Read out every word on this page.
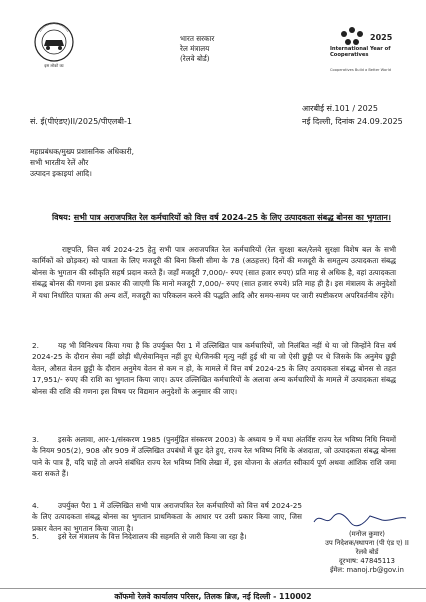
इस लोको का
भारत सरकार
रेल मंत्रालय
(रेलवे बोर्ड)
2025
International Year of Cooperatives
Cooperatives Build a Better World
आरबीई सं.101 / 2025
सं. ई(पीएंडए)II/2025/पीएलबी-1	नई दिल्ली, दिनांक 24.09.2025
महाप्रबंधक/मुख्य प्रशासनिक अधिकारी,
सभी भारतीय रेलें और
उत्पादन इकाइयां आदि।
विषय: सभी पात्र अराजपत्रित रेल कर्मचारियों को वित्त वर्ष 2024-25 के लिए उत्पादकता संबद्ध बोनस का भुगतान।
राष्ट्रपति, वित्त वर्ष 2024-25 हेतु सभी पात्र अराजपत्रित रेल कर्मचारियों (रेल सुरक्षा बल/रेलवे सुरक्षा विशेष बल के सभी कार्मिकों को छोड़कर) को पात्रता के लिए मजदूरी की बिना किसी सीमा के 78 (अठहत्तर) दिनों की मजदूरी के समतुल्य उत्पादकता संबद्ध बोनस के भुगतान की स्वीकृति सहर्ष प्रदान करते हैं। जहाँ मजदूरी 7,000/- रुपए (सात हजार रुपए) प्रति माह से अधिक है, वहां उत्पादकता संबद्ध बोनस की गणना इस प्रकार की जाएगी कि मानो मजदूरी 7,000/- रुपए (सात हजार रुपये) प्रति माह ही है। इस मंत्रालय के अनुदेशों में यथा निर्धारित पात्रता की अन्य शर्तें, मजदूरी का परिकलन करने की पद्धति आदि और समय-समय पर जारी स्पष्टीकरण अपरिवर्तनीय रहेंगे।
2.	यह भी विनिश्चय किया गया है कि उपर्युक्त पैरा 1 में उल्लिखित पात्र कर्मचारियों, जो निलंबित नहीं थे या जो जिन्होंने वित्त वर्ष 2024-25 के दौरान सेवा नहीं छोड़ी थी/सेवानिवृत्त नहीं हुए थे/जिनकी मृत्यु नहीं हुई थी या जो ऐसी छुट्टी पर थे जिसके कि अनुमेय छुट्टी वेतन, औसत वेतन छुट्टी के दौरान अनुमेय वेतन से कम न हो, के मामले में वित्त वर्ष 2024-25 के लिए उत्पादकता संबद्ध बोनस से तहत 17,951/- रुपए की राशि का भुगतान किया जाए। ऊपर उल्लिखित कर्मचारियों के अलावा अन्य कर्मचारियों के मामले में उत्पादकता संबद्ध बोनस की राशि की गणना इस विषय पर विद्यमान अनुदेशों के अनुसार की जाए।
3.	इसके अलावा, आर-1/संस्करण 1985 (पुनर्मुद्रित संस्करण 2003) के अध्याय 9 में यथा अंतर्विष्ट राज्य रेल भविष्य निधि नियमों के नियम 905(2), 908 और 909 में उल्लिखित उपबंधों में छूट देते हुए, राज्य रेल भविष्य निधि के अंशदाता, जो उत्पादकता संबद्ध बोनस पाने के पात्र हैं, यदि चाहें तो अपने संबंधित राज्य रेल भविष्य निधि लेखा में, इस योजना के अंतर्गत स्वीकार्य पूर्ण अथवा आंशिक राशि जमा करा सकते हैं।
4.	उपर्युक्त पैरा 1 में उल्लिखित सभी पात्र अराजपत्रित रेल कर्मचारियों को वित्त वर्ष 2024-25 के लिए उत्पादकता संबद्ध बोनस का भुगतान प्राथमिकता के आधार पर उसी प्रकार किया जाए, जिस प्रकार वेतन का भुगतान किया जाता है।
5.	इसे रेल मंत्रालय के वित्त निदेशालय की सहमति से जारी किया जा रहा है।	(मनोज कुमार)
उप निदेशक/स्थापना (पी एंड ए) II
रेलवे बोर्ड
दूरभाष: 47845113
ईमेल: manoj.rb@gov.in
कॉफमो रेलवे कार्यालय परिसर, तिलक ब्रिज, नई दिल्ली - 110002
